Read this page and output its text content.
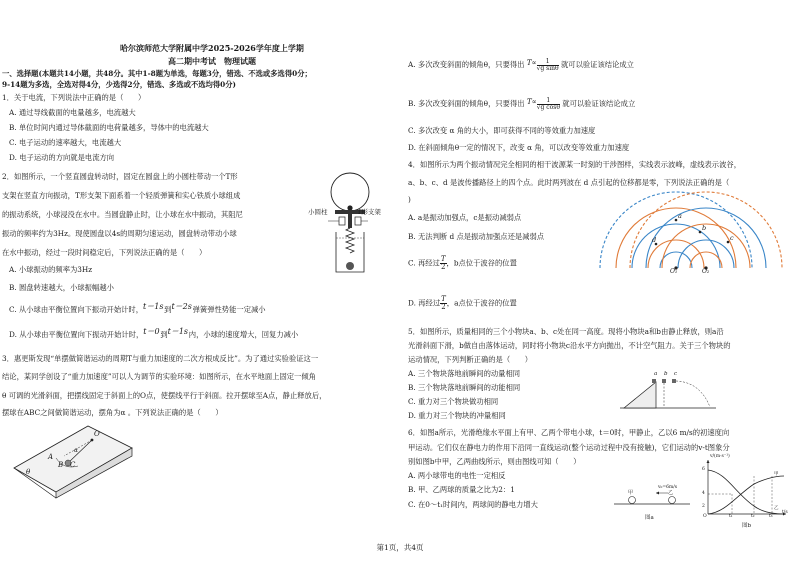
哈尔滨师范大学附属中学2025-2026学年度上学期
高二期中考试　物理试题
一、选择题(本题共14小题，共48分。其中1-8题为单选，每题3分，错选、不选或多选得0分；
9-14题为多选，全选对得4分，少选得2分，错选、多选或不选均得0分)
1．关于电流，下列说法中正确的是（　　）
A. 通过导线截面的电量越多，电流越大
B. 单位时间内通过导体截面的电荷量越多，导体中的电流越大
C. 电子运动的速率越大，电流越大
D. 电子运动的方向就是电流方向
2．如图所示，一个竖直圆盘转动时，固定在圆盘上的小圆柱带动一个T形
支架在竖直方向振动，T形支架下面系着一个轻质弹簧和实心铁质小球组成
的振动系统，小球浸没在水中。当圆盘静止时，让小球在水中振动，其阻尼
振动的频率约为3Hz。现使圆盘以4s的周期匀速运动，圆盘转动带动小球
在水中振动，经过一段时间稳定后，下列说法正确的是（　　）
A. 小球振动的频率为3Hz
B. 圆盘转速越大，小球振幅越小
C. 从小球由平衡位置向下振动开始计时，t＝1s 到t＝2s 弹簧弹性势能一定减小
D. 从小球由平衡位置向下振动开始计时，t＝0 到t＝1s 内，小球的速度增大，回复力减小
小圆柱	T形支架
3．惠更斯发现“单摆做简谐运动的周期T与重力加速度的二次方根成反比”。为了通过实验验证这一
结论，某同学创设了“重力加速度”可以人为调节的实验环境：如图所示，在水平地面上固定一倾角
θ 可调的光滑斜面，把摆线固定于斜面上的O点，使摆线平行于斜面。拉开摆球至A点，静止释放后，
摆球在ABC之间做简谐运动，摆角为α 。下列说法正确的是（　　）
O
A
B C
θ
α
A. 多次改变斜面的倾角θ，只要得出 $T\propto \frac{1}{\text{√g sinθ}}$ 就可以验证该结论成立
B. 多次改变斜面的倾角θ，只要得出 $T\propto \frac{1}{\text{√g cosθ}}$ 就可以验证该结论成立
C. 多次改变 α 角的大小，即可获得不同的等效重力加速度
D. 在斜面倾角θ一定的情况下，改变 α 角，可以改变等效重力加速度
4．如图所示为两个振动情况完全相同的相干波源某一时刻的干涉图样，实线表示波峰，虚线表示波谷，
a、b、c、d 是波传播路径上的四个点。此时两列波在 d 点引起的位移都是零，下列说法正确的是（　　
)
A. a是振动加强点，c是振动减弱点
B. 无法判断 d 点是振动加强点还是减弱点
C. 再经过 $\frac{T}{2}$ ，b点位于波谷的位置
D. 再经过 $\frac{T}{2}$ ，a点位于波谷的位置
a
b
c
d
O₁	O₂
5．如图所示，质量相同的三个小物块a、b、c处在同一高度。现将小物块a和b由静止释放，则a沿
光滑斜面下滑，b做自由落体运动，同时将小物块c沿水平方向抛出，不计空气阻力。关于三个物块的
运动情况，下列判断正确的是（　　）
A. 三个物块落地前瞬间的动量相同
B. 三个物块落地前瞬间的动能相同
C. 重力对三个物块做功相同
D. 重力对三个物块的冲量相同
a b c
6．如图a所示，光滑绝缘水平面上有甲、乙两个带电小球，t＝0时，甲静止，乙以6 m/s的初速度向
甲运动。它们仅在静电力的作用下沿同一直线运动(整个运动过程中没有接触)，它们运动的v-t图象分
别如图b中甲，乙两曲线所示，则由图线可知（　　）
A. 两小球带电的电性一定相反
B. 甲、乙两球的质量之比为2：1
C. 在0～t₁时间内，两球间的静电力增大
甲	乙
v₀=6m/s
图a
v/(m·s⁻¹)
6
4
2
甲
乙
t₁	t₂	t₃
t/s
O
图b
第1页，共4页
